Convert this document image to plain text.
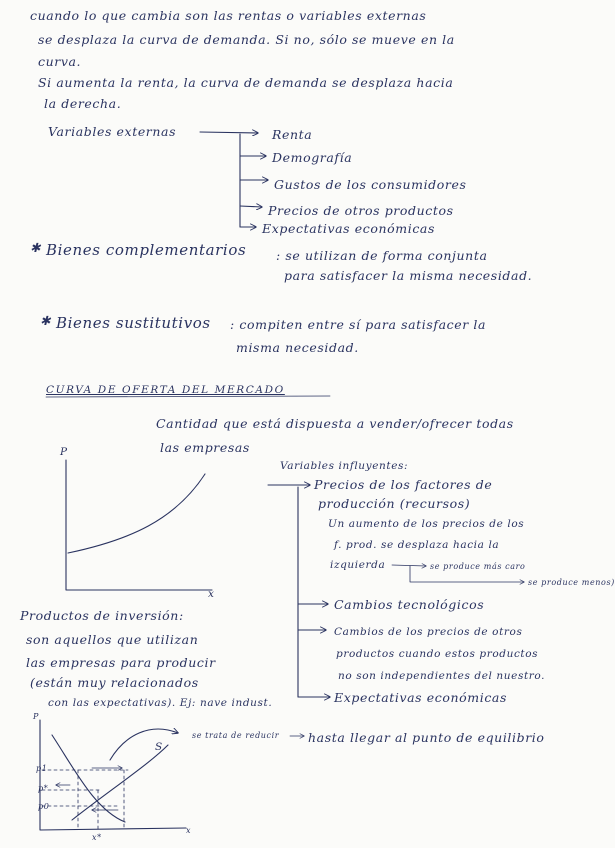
cuando lo que cambia son las rentas o variables externas
se desplaza la curva de demanda. Si no, sólo se mueve en la
curva.
Si aumenta la renta, la curva de demanda se desplaza hacia
la derecha.
Variables externas	Renta
Demografía
Gustos de los consumidores
Precios de otros productos
Expectativas económicas
✱ Bienes complementarios : se utilizan de forma conjunta
para satisfacer la misma necesidad.
✱ Bienes sustitutivos : compiten entre sí para satisfacer la
misma necesidad.
CURVA DE OFERTA DEL MERCADO
Cantidad que está dispuesta a vender/ofrecer todas
las empresas
P
x
Variables influyentes:
Precios de los factores de
producción (recursos)
Un aumento de los precios de los
f. prod. se desplaza hacia la
izquierda	se produce más caro
se produce menos)
Cambios tecnológicos
Cambios de los precios de otros
productos cuando estos productos
no son independientes del nuestro.
Expectativas económicas
Productos de inversión:
son aquellos que utilizan
las empresas para producir
(están muy relacionados
con las expectativas). Ej: nave indust.
P
x
S
p1
p*
p0
x*
se trata de reducir hasta llegar al punto de equilibrio
